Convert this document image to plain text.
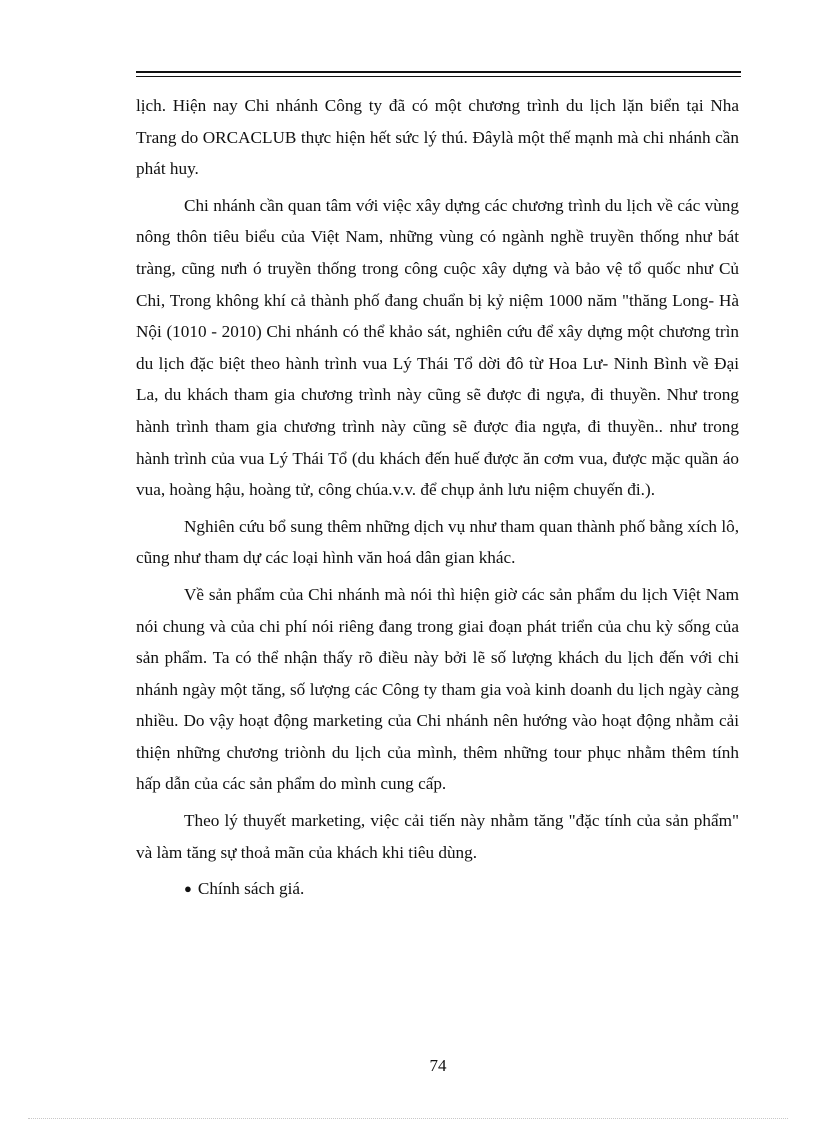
lịch. Hiện nay Chi nhánh Công ty đã có một chương trình du lịch lặn biển tại Nha Trang do ORCACLUB thực hiện hết sức lý thú. Đâylà một thế mạnh mà chi nhánh cần phát huy.

Chi nhánh cần quan tâm với việc xây dựng các chương trình du lịch về các vùng nông thôn tiêu biểu của Việt Nam, những vùng có ngành nghề truyền thống như bát tràng, cũng nưh ó truyền thống trong công cuộc xây dựng và bảo vệ tổ quốc như Củ Chi, Trong không khí cả thành phố đang chuẩn bị kỷ niệm 1000 năm "thăng Long- Hà Nội (1010 - 2010) Chi nhánh có thể khảo sát, nghiên cứu để xây dựng một chương trìn du lịch đặc biệt theo hành trình vua Lý Thái Tổ dời đô từ Hoa Lư- Ninh Bình về Đại La, du khách tham gia chương trình này cũng sẽ được đi ngựa, đi thuyền. Như trong hành trình tham gia chương trình này cũng sẽ được đia ngựa, đi thuyền.. như trong hành trình của vua Lý Thái Tổ (du khách đến huế được ăn cơm vua, được mặc quần áo vua, hoàng hậu, hoàng tử, công chúa.v.v. để chụp ảnh lưu niệm chuyến đi.).

Nghiên cứu bổ sung thêm những dịch vụ như tham quan thành phố bằng xích lô, cũng như tham dự các loại hình văn hoá dân gian khác.

Về sản phẩm của Chi nhánh mà nói thì hiện giờ các sản phẩm du lịch Việt Nam nói chung và của chi phí nói riêng đang trong giai đoạn phát triển của chu kỳ sống của sản phẩm. Ta có thể nhận thấy rõ điều này bởi lẽ số lượng khách du lịch đến với chi nhánh ngày một tăng, số lượng các Công ty tham gia voà kinh doanh du lịch ngày càng nhiều. Do vậy hoạt động marketing của Chi nhánh nên hướng vào hoạt động nhằm cải thiện những chương triònh du lịch của mình, thêm những tour phục nhằm thêm tính hấp dẫn của các sản phẩm do mình cung cấp.

Theo lý thuyết marketing, việc cải tiến này nhằm tăng "đặc tính của sản phẩm" và làm tăng sự thoả mãn của khách khi tiêu dùng.

● Chính sách giá.
74
